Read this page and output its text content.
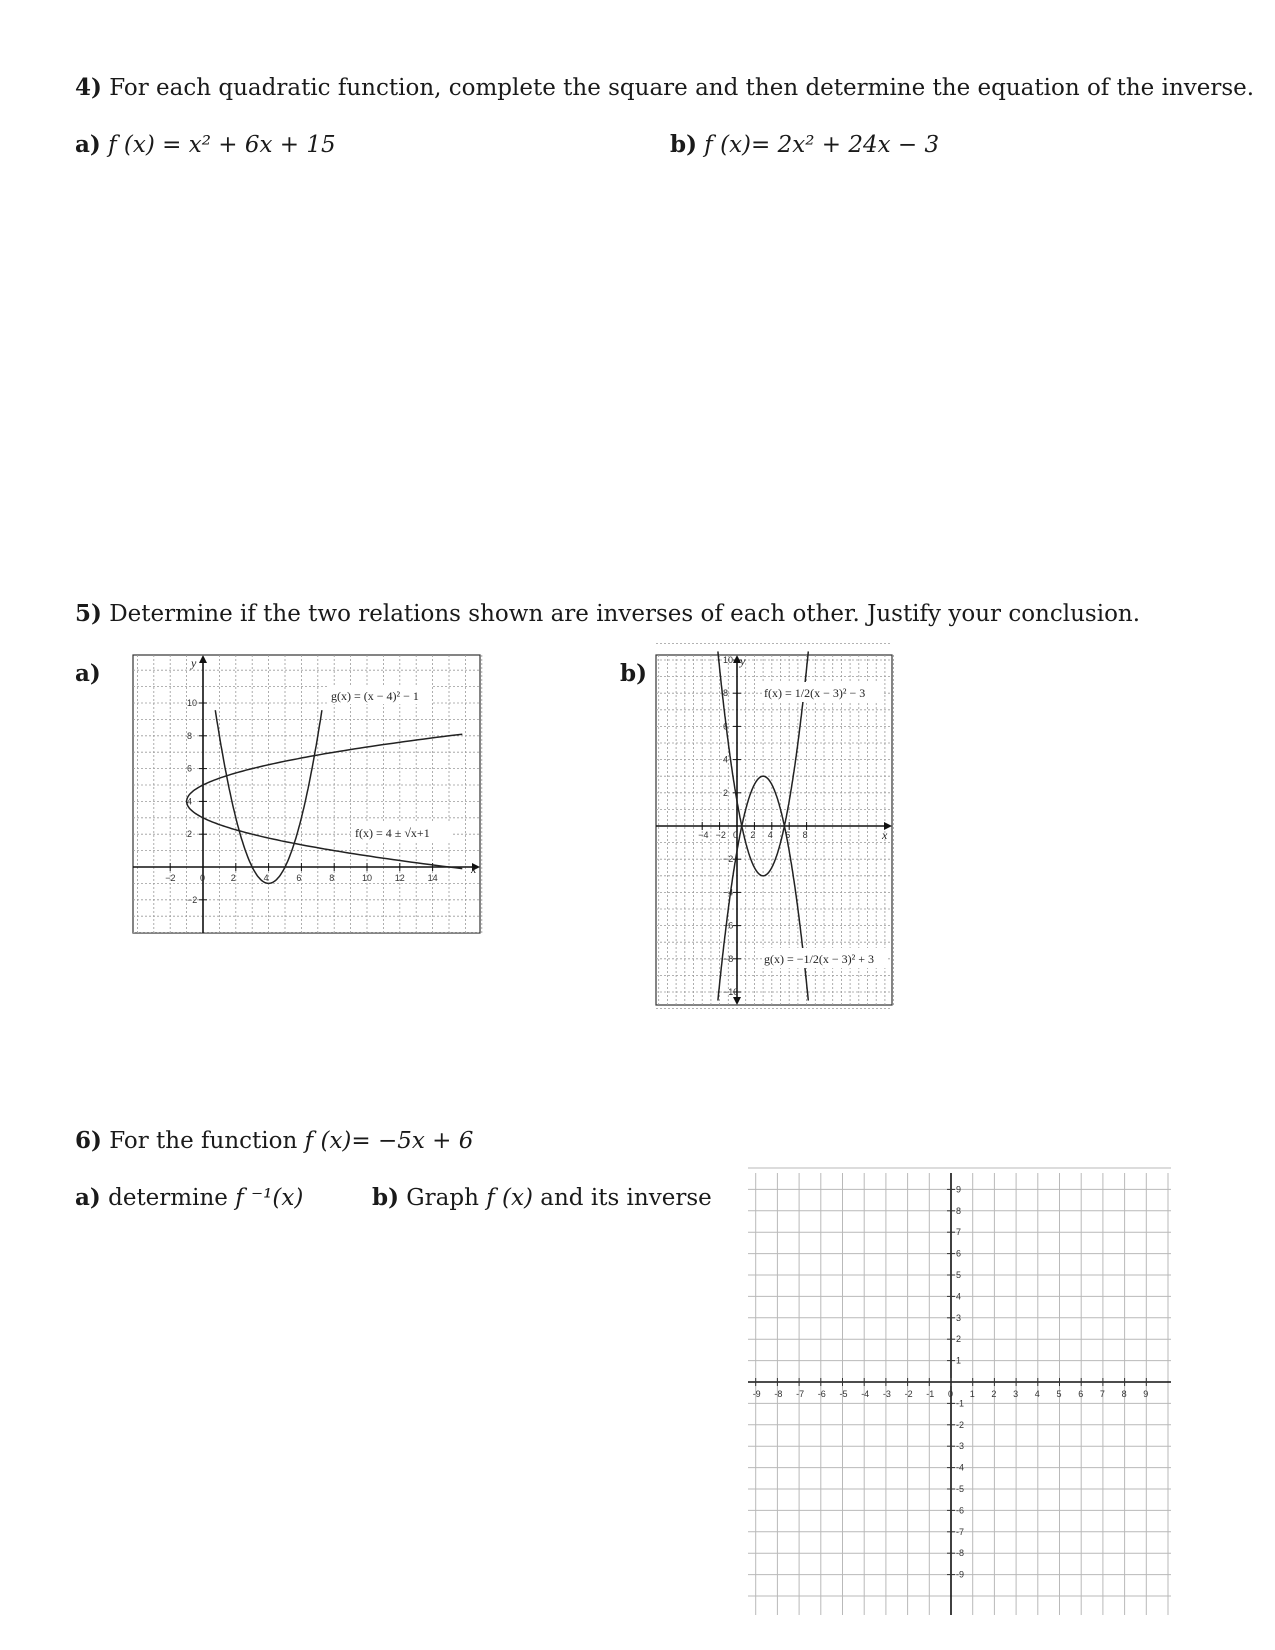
4) For each quadratic function, complete the square and then determine the equation of the inverse.
a) f (x) = x² + 6x + 15	b) f (x)= 2x² + 24x − 3
5) Determine if the two relations shown are inverses of each other. Justify your conclusion.
a)	b)
−2	0	2	4	6	8	10	12	14
10
8
6
4
2
−2
g(x) = (x − 4)² − 1
f(x) = 4 ± √x+1
y
x
−4 −2 0 2 4 6 8
10
8
6
4
2
−2
−4
−6
−8
−10
f(x) = 1/2(x − 3)² − 3
g(x) = −1/2(x − 3)² + 3
y
x
6) For the function f (x)= −5x + 6
a) determine f ⁻¹(x)	b) Graph f (x) and its inverse
-9 -8 -7 -6 -5 -4 -3 -2 -1 0 1 2 3 4 5 6 7 8 9
9
8
7
6
5
4
3
2
1
-1
-2
-3
-4
-5
-6
-7
-8
-9
